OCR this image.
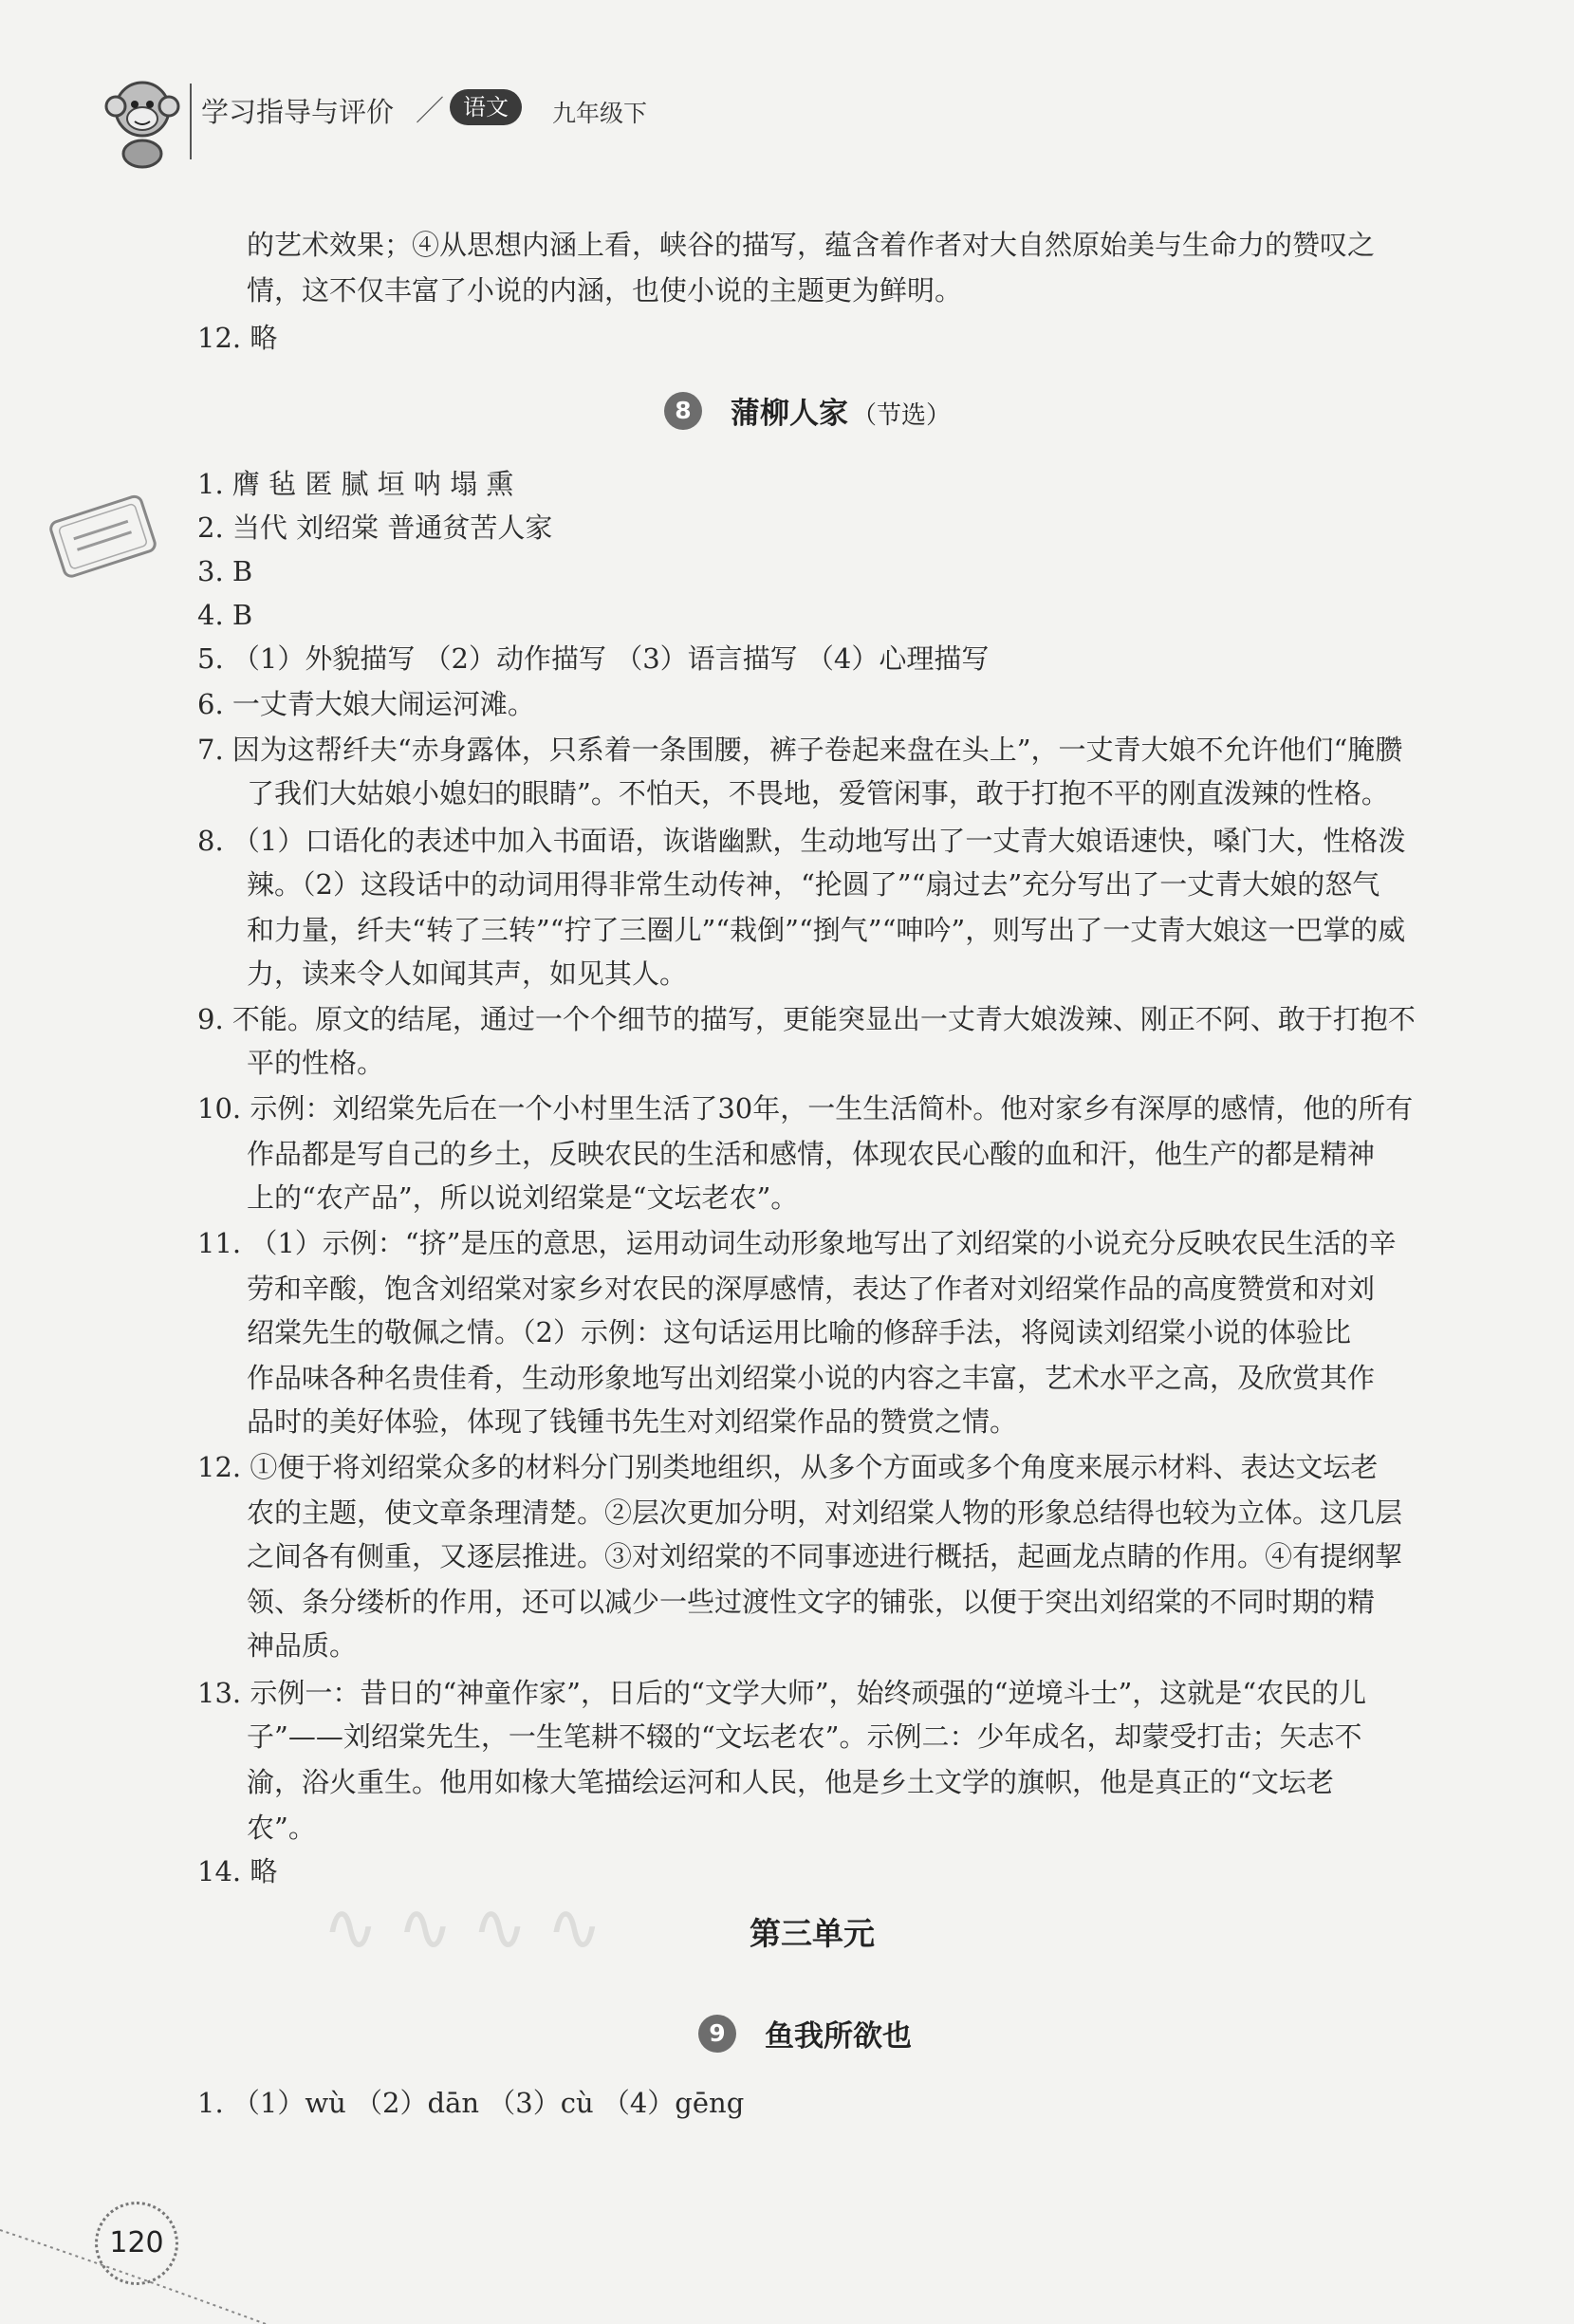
学习指导与评价 ／ 语文	九年级下
的艺术效果；④从思想内涵上看，峡谷的描写，蕴含着作者对大自然原始美与生命力的赞叹之
情，这不仅丰富了小说的内涵，也使小说的主题更为鲜明。
12. 略
8	蒲柳人家 （节选）
1. 膺 毡 匿 腻 垣 呐 塌 熏
2. 当代 刘绍棠 普通贫苦人家
3. B
4. B
5. （1）外貌描写 （2）动作描写 （3）语言描写 （4）心理描写
6. 一丈青大娘大闹运河滩。
7. 因为这帮纤夫“赤身露体，只系着一条围腰，裤子卷起来盘在头上”，一丈青大娘不允许他们“腌臜
了我们大姑娘小媳妇的眼睛”。不怕天，不畏地，爱管闲事，敢于打抱不平的刚直泼辣的性格。
8. （1）口语化的表述中加入书面语，诙谐幽默，生动地写出了一丈青大娘语速快，嗓门大，性格泼
辣。（2）这段话中的动词用得非常生动传神，“抡圆了”“扇过去”充分写出了一丈青大娘的怒气
和力量，纤夫“转了三转”“拧了三圈儿”“栽倒”“捯气”“呻吟”，则写出了一丈青大娘这一巴掌的威
力，读来令人如闻其声，如见其人。
9. 不能。原文的结尾，通过一个个细节的描写，更能突显出一丈青大娘泼辣、刚正不阿、敢于打抱不
平的性格。
10. 示例：刘绍棠先后在一个小村里生活了30年，一生生活简朴。他对家乡有深厚的感情，他的所有
作品都是写自己的乡土，反映农民的生活和感情，体现农民心酸的血和汗，他生产的都是精神
上的“农产品”，所以说刘绍棠是“文坛老农”。
11. （1）示例：“挤”是压的意思，运用动词生动形象地写出了刘绍棠的小说充分反映农民生活的辛
劳和辛酸，饱含刘绍棠对家乡对农民的深厚感情，表达了作者对刘绍棠作品的高度赞赏和对刘
绍棠先生的敬佩之情。（2）示例：这句话运用比喻的修辞手法，将阅读刘绍棠小说的体验比
作品味各种名贵佳肴，生动形象地写出刘绍棠小说的内容之丰富，艺术水平之高，及欣赏其作
品时的美好体验，体现了钱锺书先生对刘绍棠作品的赞赏之情。
12. ①便于将刘绍棠众多的材料分门别类地组织，从多个方面或多个角度来展示材料、表达文坛老
农的主题，使文章条理清楚。②层次更加分明，对刘绍棠人物的形象总结得也较为立体。这几层
之间各有侧重，又逐层推进。③对刘绍棠的不同事迹进行概括，起画龙点睛的作用。④有提纲挈
领、条分缕析的作用，还可以减少一些过渡性文字的铺张，以便于突出刘绍棠的不同时期的精
神品质。
13. 示例一：昔日的“神童作家”，日后的“文学大师”，始终顽强的“逆境斗士”，这就是“农民的儿
子”——刘绍棠先生，一生笔耕不辍的“文坛老农”。示例二：少年成名，却蒙受打击；矢志不
渝，浴火重生。他用如椽大笔描绘运河和人民，他是乡土文学的旗帜，他是真正的“文坛老
农”。
14. 略
∿∿∿∿	第三单元
9	鱼我所欲也
1. （1）wù （2）dān （3）cù （4）gēng
120
